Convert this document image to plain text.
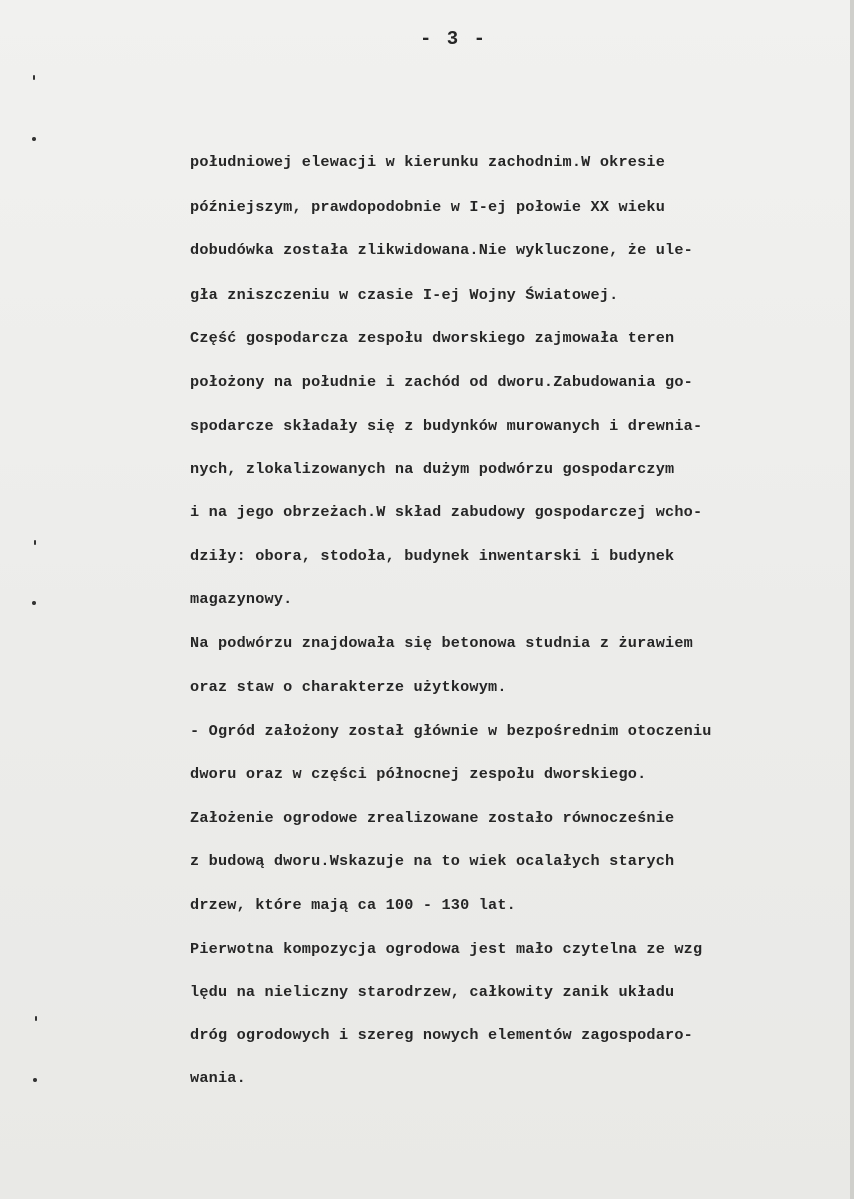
- 3 -
południowej elewacji w kierunku zachodnim.W okresie
późniejszym, prawdopodobnie w I-ej połowie XX wieku
dobudówka została zlikwidowana.Nie wykluczone, że ule-
gła zniszczeniu w czasie I-ej Wojny Światowej.
Część gospodarcza zespołu dworskiego zajmowała teren
położony na południe i zachód od dworu.Zabudowania go-
spodarcze składały się z budynków murowanych i drewnia-
nych, zlokalizowanych na dużym podwórzu gospodarczym
i na jego obrzeżach.W skład zabudowy gospodarczej wcho-
dziły: obora, stodoła, budynek inwentarski i budynek
magazynowy.
Na podwórzu znajdowała się betonowa studnia z żurawiem
oraz staw o charakterze użytkowym.
- Ogród założony został głównie w bezpośrednim otoczeniu
dworu oraz w części północnej zespołu dworskiego.
Założenie ogrodowe zrealizowane zostało równocześnie
z budową dworu.Wskazuje na to wiek ocalałych starych
drzew, które mają ca 100 - 130 lat.
Pierwotna kompozycja ogrodowa jest mało czytelna ze wzg
lędu na nieliczny starodrzew, całkowity zanik układu
dróg ogrodowych i szereg nowych elementów zagospodaro-
wania.
